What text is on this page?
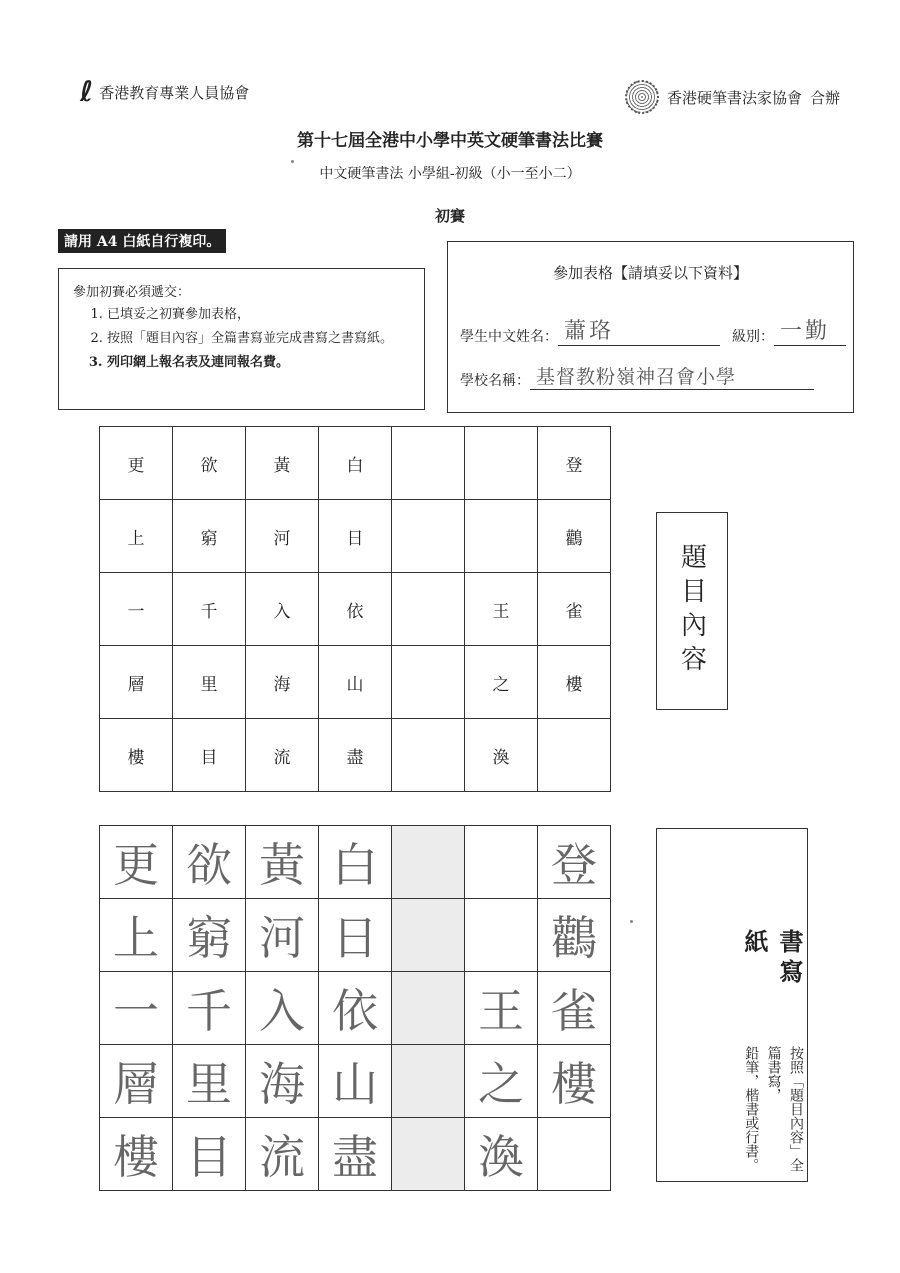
ℓ 香港教育專業人員協會	香港硬筆書法家協會 合辦
第十七屆全港中小學中英文硬筆書法比賽
中文硬筆書法 小學組-初級（小一至小二）
初賽
請用 A4 白紙自行複印。
參加初賽必須遞交：
1. 已填妥之初賽參加表格，
2. 按照「題目內容」全篇書寫並完成書寫之書寫紙。
3. 列印網上報名表及連同報名費。
參加表格【請填妥以下資料】
學生中文姓名： 蕭珞	級別： 一勤
學校名稱： 基督教粉嶺神召會小學
更	欲	黃	白			登
上	窮	河	日			鸛
一	千	入	依		王	雀
層	里	海	山		之	樓
樓	目	流	盡		渙	
題目內容
更	欲	黃	白			登
上	窮	河	日			鸛
一	千	入	依		王	雀
層	里	海	山		之	樓
樓	目	流	盡		渙	
書寫紙
按照「題目內容」全篇書寫，
鉛筆，楷書或行書。
